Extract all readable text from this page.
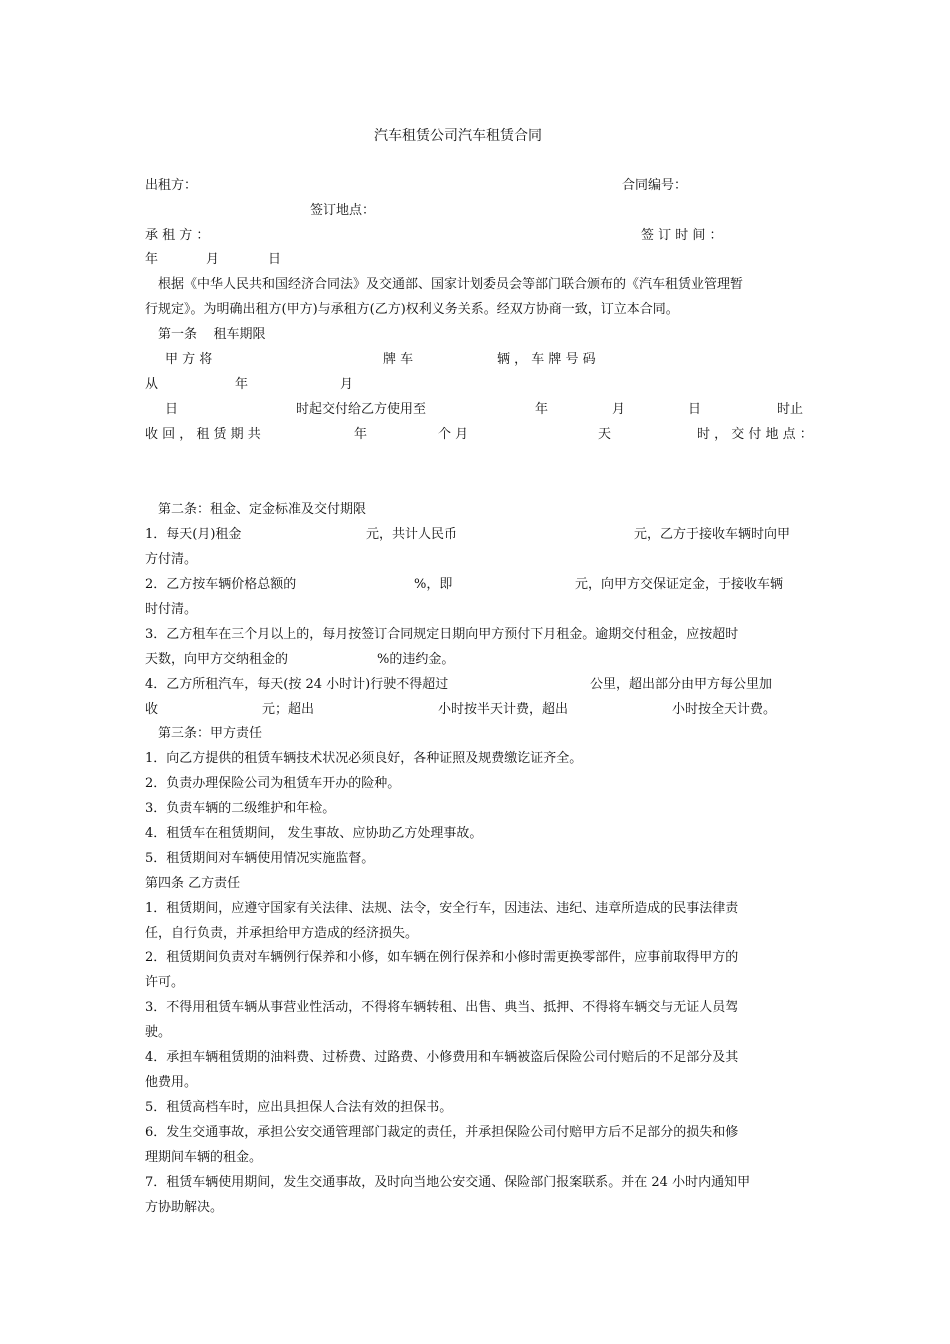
汽车租赁公司汽车租赁合同
出租方：	合同编号：
签订地点：
承 租 方 ：	签 订 时 间 ：
年	月	日
根据《中华人民共和国经济合同法》及交通部、国家计划委员会等部门联合颁布的《汽车租赁业管理暂
行规定》。为明确出租方(甲方)与承租方(乙方)权利义务关系。经双方协商一致，订立本合同。
第一条    租车期限
甲 方 将	牌 车	辆 ， 车 牌 号 码
从	年	月
日	时起交付给乙方使用至	年	月	日	时止
收 回 ， 租 赁 期 共	年	个 月	天	时 ， 交 付 地 点 ：
第二条：租金、定金标准及交付期限
1．每天(月)租金	元，共计人民币	元，乙方于接收车辆时向甲
方付清。
2．乙方按车辆价格总额的	%，即	元，向甲方交保证定金，于接收车辆
时付清。
3．乙方租车在三个月以上的，每月按签订合同规定日期向甲方预付下月租金。逾期交付租金，应按超时
天数，向甲方交纳租金的	%的违约金。
4．乙方所租汽车，每天(按 24 小时计)行驶不得超过	公里，超出部分由甲方每公里加
收	元；超出	小时按半天计费，超出	小时按全天计费。
第三条：甲方责任
1．向乙方提供的租赁车辆技术状况必须良好，各种证照及规费缴讫证齐全。
2．负责办理保险公司为租赁车开办的险种。
3．负责车辆的二级维护和年检。
4．租赁车在租赁期间， 发生事故、应协助乙方处理事故。
5．租赁期间对车辆使用情况实施监督。
第四条 乙方责任
1．租赁期间，应遵守国家有关法律、法规、法令，安全行车，因违法、违纪、违章所造成的民事法律责
任，自行负责，并承担给甲方造成的经济损失。
2．租赁期间负责对车辆例行保养和小修，如车辆在例行保养和小修时需更换零部件，应事前取得甲方的
许可。
3．不得用租赁车辆从事营业性活动，不得将车辆转租、出售、典当、抵押、不得将车辆交与无证人员驾
驶。
4．承担车辆租赁期的油料费、过桥费、过路费、小修费用和车辆被盗后保险公司付赔后的不足部分及其
他费用。
5．租赁高档车时，应出具担保人合法有效的担保书。
6．发生交通事故，承担公安交通管理部门裁定的责任，并承担保险公司付赔甲方后不足部分的损失和修
理期间车辆的租金。
7．租赁车辆使用期间，发生交通事故，及时向当地公安交通、保险部门报案联系。并在 24 小时内通知甲
方协助解决。
